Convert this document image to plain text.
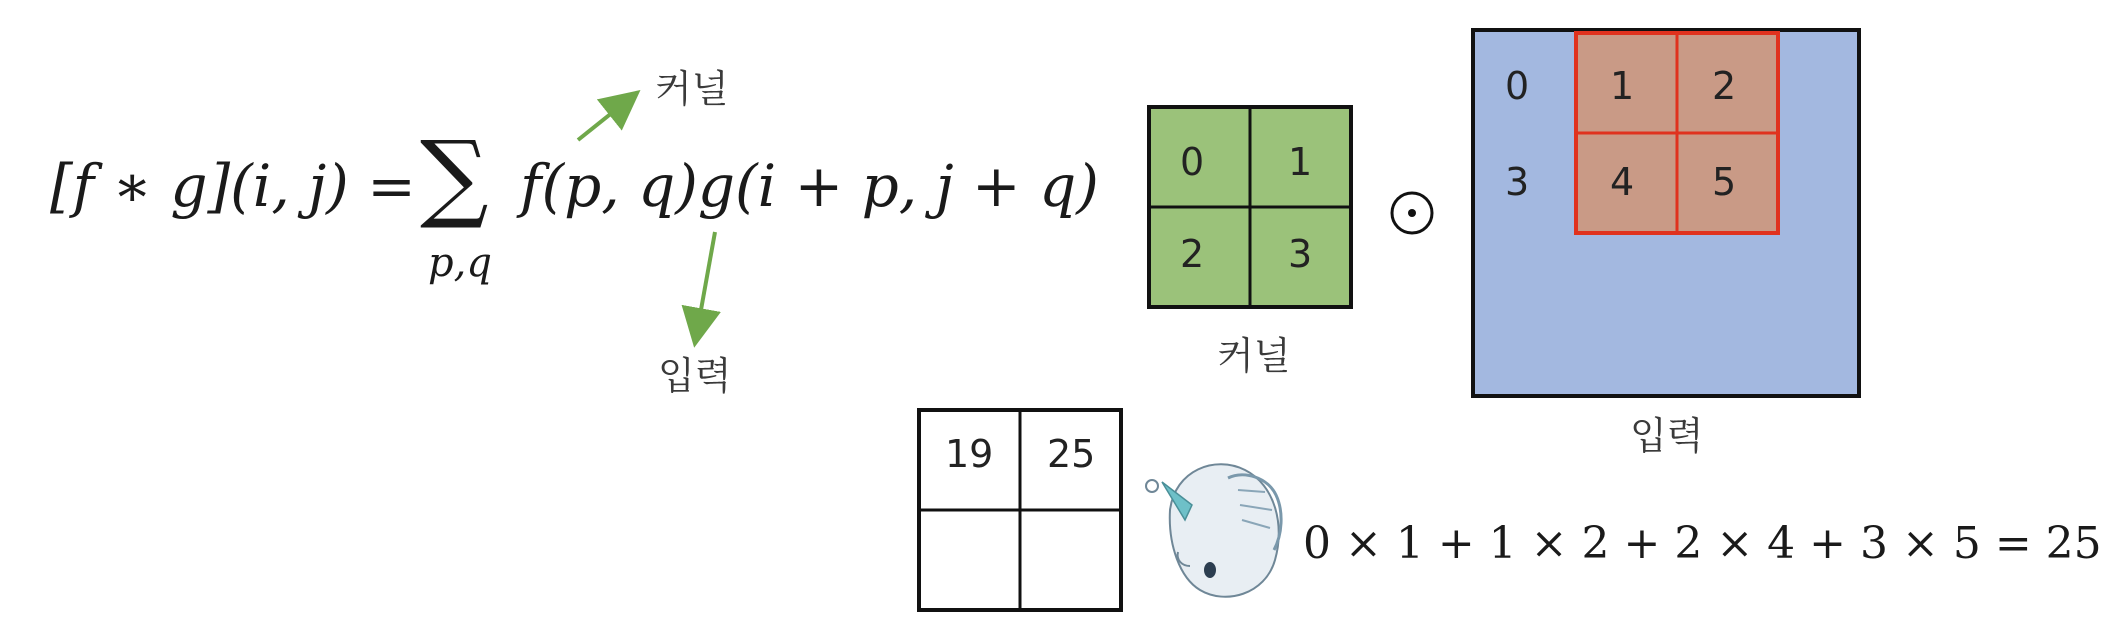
[f ∗ g](i, j) = ∑
p,q
f(p, q)g(i + p, j + q)
커널
입력
0 1
2 3
커널
0 1 2
3 4 5
입력
19 25
0 × 1 + 1 × 2 + 2 × 4 + 3 × 5 = 25
